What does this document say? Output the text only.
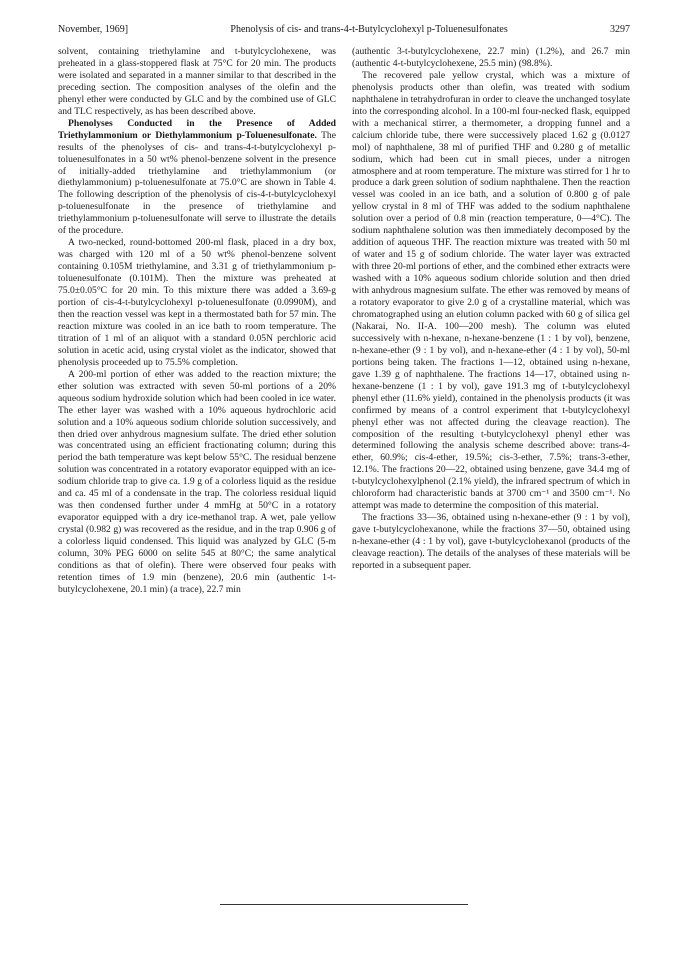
November, 1969]	Phenolysis of cis- and trans-4-t-Butylcyclohexyl p-Toluenesulfonates	3297

solvent, containing triethylamine and t-butylcyclohexene, was preheated in a glass-stoppered flask at 75°C for 20 min. The products were isolated and separated in a manner similar to that described in the preceding section. The composition analyses of the olefin and the phenyl ether were conducted by GLC and by the combined use of GLC and TLC respectively, as has been described above.

Phenolyses Conducted in the Presence of Added Triethylammonium or Diethylammonium p-Toluenesulfonate. The results of the phenolyses of cis- and trans-4-t-butylcyclohexyl p-toluenesulfonates in a 50 wt% phenol-benzene solvent in the presence of initially-added triethylamine and triethylammonium (or diethylammonium) p-toluenesulfonate at 75.0°C are shown in Table 4. The following description of the phenolysis of cis-4-t-butylcyclohexyl p-toluenesulfonate in the presence of triethylamine and triethylammonium p-toluenesulfonate will serve to illustrate the details of the procedure.

A two-necked, round-bottomed 200-ml flask, placed in a dry box, was charged with 120 ml of a 50 wt% phenol-benzene solvent containing 0.105M triethylamine, and 3.31 g of triethylammonium p-toluenesulfonate (0.101M). Then the mixture was preheated at 75.0±0.05°C for 20 min. To this mixture there was added a 3.69-g portion of cis-4-t-butylcyclohexyl p-toluenesulfonate (0.0990M), and then the reaction vessel was kept in a thermostated bath for 57 min. The reaction mixture was cooled in an ice bath to room temperature. The titration of 1 ml of an aliquot with a standard 0.05N perchloric acid solution in acetic acid, using crystal violet as the indicator, showed that phenolysis proceeded up to 75.5% completion.

A 200-ml portion of ether was added to the reaction mixture; the ether solution was extracted with seven 50-ml portions of a 20% aqueous sodium hydroxide solution which had been cooled in ice water. The ether layer was washed with a 10% aqueous hydrochloric acid solution and a 10% aqueous sodium chloride solution successively, and then dried over anhydrous magnesium sulfate. The dried ether solution was concentrated using an efficient fractionating column; during this period the bath temperature was kept below 55°C. The residual benzene solution was concentrated in a rotatory evaporator equipped with an ice-sodium chloride trap to give ca. 1.9 g of a colorless liquid as the residue and ca. 45 ml of a condensate in the trap. The colorless residual liquid was then condensed further under 4 mmHg at 50°C in a rotatory evaporator equipped with a dry ice-methanol trap. A wet, pale yellow crystal (0.982 g) was recovered as the residue, and in the trap 0.906 g of a colorless liquid condensed. This liquid was analyzed by GLC (5-m column, 30% PEG 6000 on selite 545 at 80°C; the same analytical conditions as that of olefin). There were observed four peaks with retention times of 1.9 min (benzene), 20.6 min (authentic 1-t-butylcyclohexene, 20.1 min) (a trace), 22.7 min

(authentic 3-t-butylcyclohexene, 22.7 min) (1.2%), and 26.7 min (authentic 4-t-butylcyclohexene, 25.5 min) (98.8%).

The recovered pale yellow crystal, which was a mixture of phenolysis products other than olefin, was treated with sodium naphthalene in tetrahydrofuran in order to cleave the unchanged tosylate into the corresponding alcohol. In a 100-ml four-necked flask, equipped with a mechanical stirrer, a thermometer, a dropping funnel and a calcium chloride tube, there were successively placed 1.62 g (0.0127 mol) of naphthalene, 38 ml of purified THF and 0.280 g of metallic sodium, which had been cut in small pieces, under a nitrogen atmosphere and at room temperature. The mixture was stirred for 1 hr to produce a dark green solution of sodium naphthalene. Then the reaction vessel was cooled in an ice bath, and a solution of 0.800 g of pale yellow crystal in 8 ml of THF was added to the sodium naphthalene solution over a period of 0.8 min (reaction temperature, 0—4°C). The sodium naphthalene solution was then immediately decomposed by the addition of aqueous THF. The reaction mixture was treated with 50 ml of water and 15 g of sodium chloride. The water layer was extracted with three 20-ml portions of ether, and the combined ether extracts were washed with a 10% aqueous sodium chloride solution and then dried with anhydrous magnesium sulfate. The ether was removed by means of a rotatory evaporator to give 2.0 g of a crystalline material, which was chromatographed using an elution column packed with 60 g of silica gel (Nakarai, No. II-A. 100—200 mesh). The column was eluted successively with n-hexane, n-hexane-benzene (1 : 1 by vol), benzene, n-hexane-ether (9 : 1 by vol), and n-hexane-ether (4 : 1 by vol), 50-ml portions being taken. The fractions 1—12, obtained using n-hexane, gave 1.39 g of naphthalene. The fractions 14—17, obtained using n-hexane-benzene (1 : 1 by vol), gave 191.3 mg of t-butylcyclohexyl phenyl ether (11.6% yield), contained in the phenolysis products (it was confirmed by means of a control experiment that t-butylcyclohexyl phenyl ether was not affected during the cleavage reaction). The composition of the resulting t-butylcyclohexyl phenyl ether was determined following the analysis scheme described above: trans-4-ether, 60.9%; cis-4-ether, 19.5%; cis-3-ether, 7.5%; trans-3-ether, 12.1%. The fractions 20—22, obtained using benzene, gave 34.4 mg of t-butylcyclohexylphenol (2.1% yield), the infrared spectrum of which in chloroform had characteristic bands at 3700 cm⁻¹ and 3500 cm⁻¹. No attempt was made to determine the composition of this material.

The fractions 33—36, obtained using n-hexane-ether (9 : 1 by vol), gave t-butylcyclohexanone, while the fractions 37—50, obtained using n-hexane-ether (4 : 1 by vol), gave t-butylcyclohexanol (products of the cleavage reaction). The details of the analyses of these materials will be reported in a subsequent paper.
